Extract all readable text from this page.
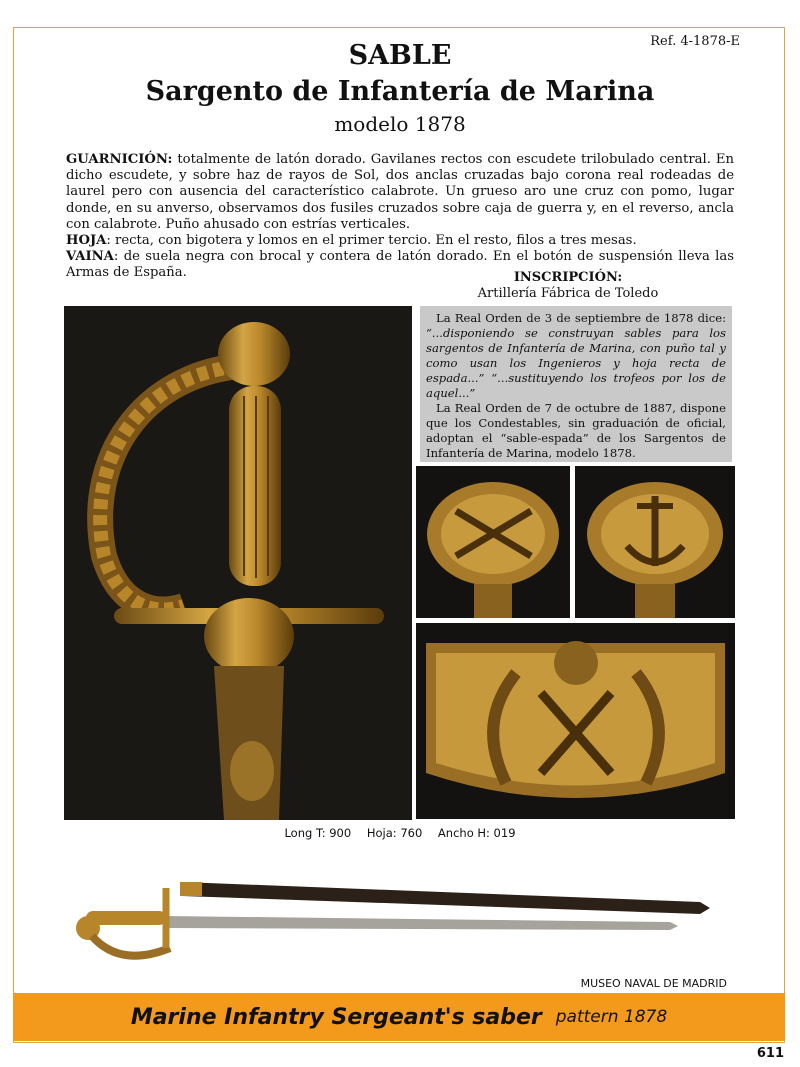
Ref. 4-1878-E
SABLE
Sargento de Infantería de Marina
modelo 1878

GUARNICIÓN: totalmente de latón dorado. Gavilanes rectos con escudete trilobulado central. En dicho escudete, y sobre haz de rayos de Sol, dos anclas cruzadas bajo corona real rodeadas de laurel pero con ausencia del característico calabrote. Un grueso aro une cruz con pomo, lugar donde, en su anverso, observamos dos fusiles cruzados sobre caja de guerra y, en el reverso, ancla con calabrote. Puño ahusado con estrías verticales.

HOJA: recta, con bigotera y lomos en el primer tercio. En el resto, filos a tres mesas.

VAINA: de suela negra con brocal y contera de latón dorado. En el botón de suspensión lleva las Armas de España.	INSCRIPCIÓN:
Artillería Fábrica de Toledo

La Real Orden de 3 de septiembre de 1878 dice: “...disponiendo se construyan sables para los sargentos de Infantería de Marina, con puño tal y como usan los Ingenieros y hoja recta de espada...” “...sustituyendo los trofeos por los de aquel...”

La Real Orden de 7 de octubre de 1887, dispone que los Condestables, sin graduación de oficial, adoptan el “sable-espada” de los Sargentos de Infantería de Marina, modelo 1878.

Long T: 900 Hoja: 760 Ancho H: 019
MUSEO NAVAL DE MADRID
Marine Infantry Sergeant's saber pattern 1878
611
